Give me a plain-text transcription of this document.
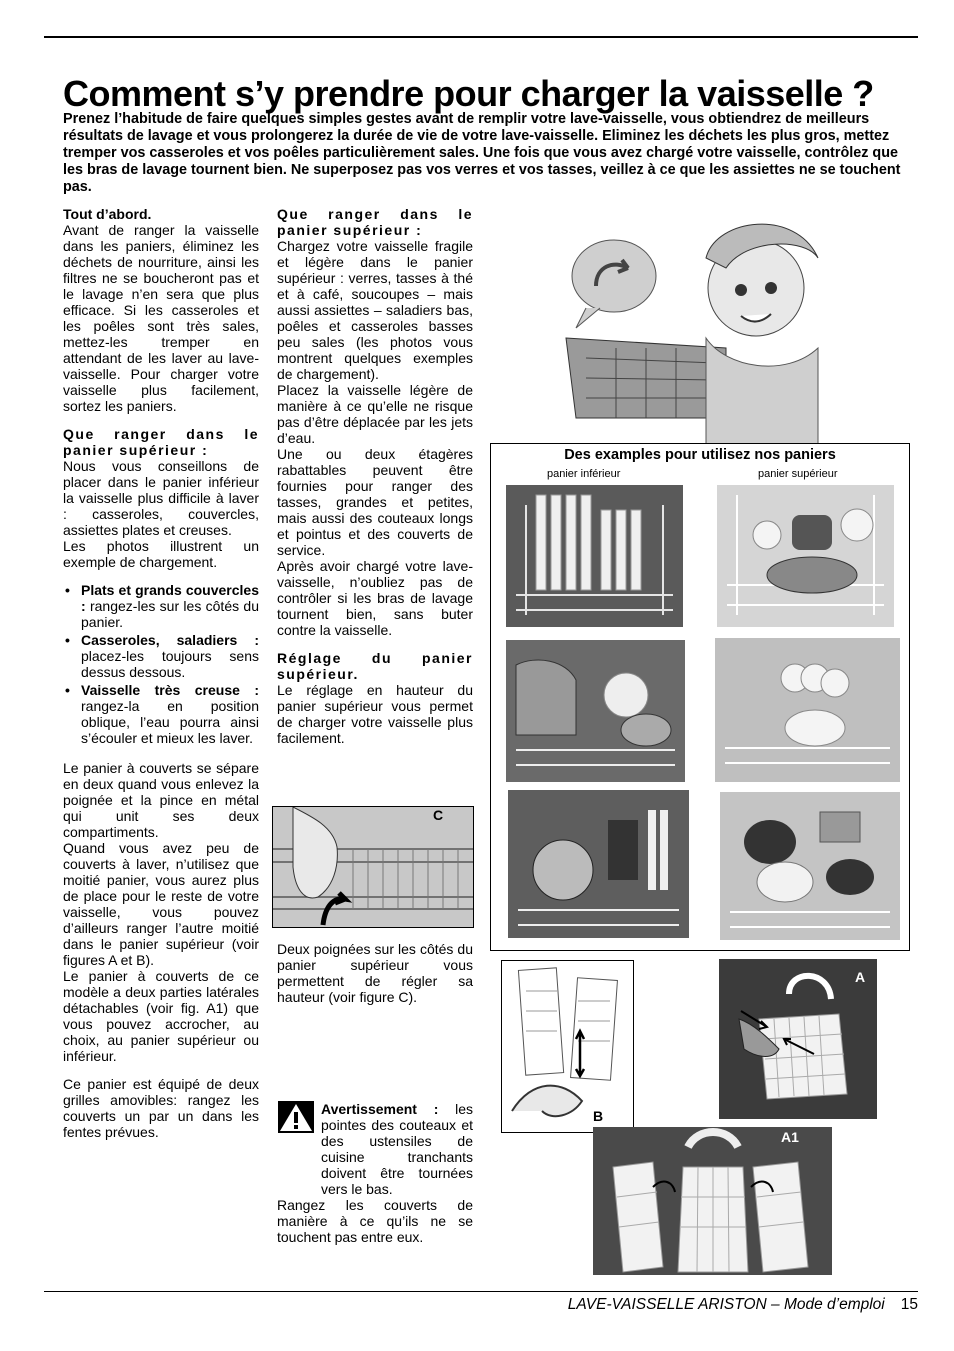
Comment s’y prendre pour charger la vaisselle ?
Prenez l’habitude de faire quelques simples gestes avant de remplir votre lave-vaisselle, vous obtiendrez de meilleurs résultats de lavage et vous prolongerez la durée de vie de votre lave-vaisselle. Eliminez les déchets les plus gros, mettez tremper vos casseroles et vos poêles particulièrement sales. Une fois que vous avez chargé votre vaisselle, contrôlez que les bras de lavage tournent bien. Ne superposez pas vos verres et vos tasses, veillez à ce que les assiettes ne se touchent pas.

Tout d’abord.

Avant de ranger la vaisselle dans les paniers, éliminez les déchets de nourriture, ainsi les filtres ne se boucheront pas et le lavage n’en sera que plus efficace. Si les casseroles et les poêles sont très sales, mettez-les tremper en attendant de les laver au lave-vaisselle. Pour charger votre vaisselle plus facilement, sortez les paniers.

Que ranger dans le panier supérieur :

Nous vous conseillons de placer dans le panier inférieur la vaisselle plus difficile à laver : casseroles, couvercles, assiettes plates et creuses.

Les photos illustrent un exemple de chargement.

• Plats et grands couvercles : rangez-les sur les côtés du panier.
• Casseroles, saladiers : placez-les toujours sens dessus dessous.
• Vaisselle très creuse : rangez-la en position oblique, l’eau pourra ainsi s’écouler et mieux les laver.

Le panier à couverts se sépare en deux quand vous enlevez la poignée et la pince en métal qui unit ses deux compartiments.

Quand vous avez peu de couverts à laver, n’utilisez que moitié panier, vous aurez plus de place pour le reste de votre vaisselle, vous pouvez d’ailleurs ranger l’autre moitié dans le panier supérieur (voir figures A et B).

Le panier à couverts de ce modèle a deux parties latérales détachables (voir fig. A1) que vous pouvez accrocher, au choix, au panier supérieur ou inférieur.

Ce panier est équipé de deux grilles amovibles: rangez les couverts un par un dans les fentes prévues.

Que ranger dans le panier supérieur :

Chargez votre vaisselle fragile et légère dans le panier supérieur : verres, tasses à thé et à café, soucoupes – mais aussi assiettes – saladiers bas, poêles et casseroles basses peu sales (les photos vous montrent quelques exemples de chargement).

Placez la vaisselle légère de manière à ce qu’elle ne risque pas d’être déplacée par les jets d’eau.

Une ou deux étagères rabattables peuvent être fournies pour ranger des tasses, grandes et petites, mais aussi des couteaux longs et pointus et des couverts de service.

Après avoir chargé votre lave-vaisselle, n’oubliez pas de contrôler si les bras de lavage tournent bien, sans buter contre la vaisselle.

Réglage du panier supérieur.

Le réglage en hauteur du panier supérieur vous permet de charger votre vaisselle plus facilement.

C
Deux poignées sur les côtés du panier supérieur vous permettent de régler sa hauteur (voir figure C).

Avertissement : les pointes des couteaux et des ustensiles de cuisine tranchants doivent être tournées vers le bas.

Rangez les couverts de manière à ce qu’ils ne se touchent pas entre eux.

Des examples pour utilisez nos paniers
panier inférieur	panier supérieur
B
A
A1
LAVE-VAISSELLE ARISTON – Mode d’emploi 15
